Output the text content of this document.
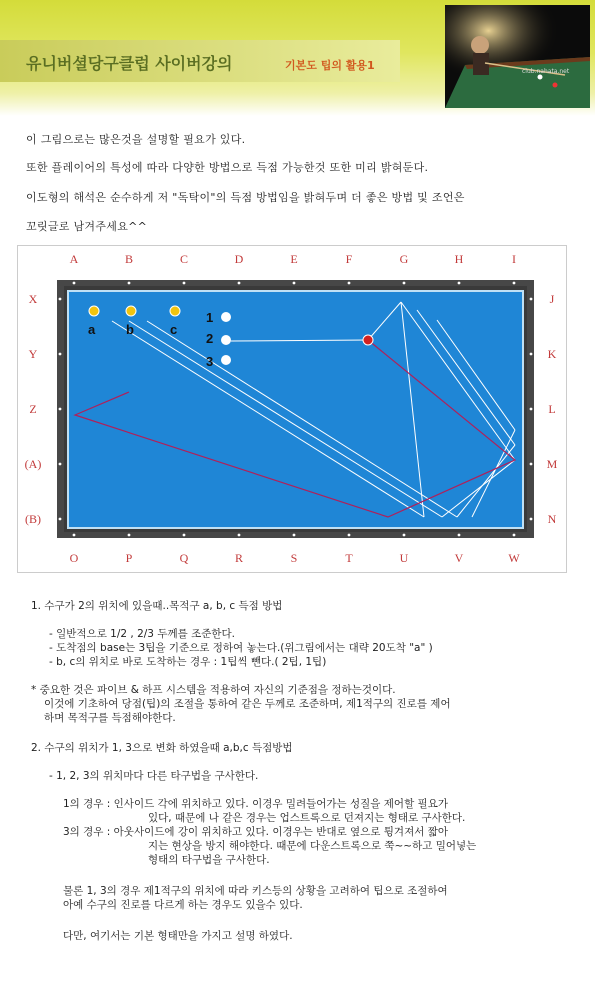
유니버셜당구클럽 사이버강의	기본도 팁의 활용1	club.nahata.net
이 그림으로는 많은것을 설명할 필요가 있다.
또한 플레이어의 특성에 따라 다양한 방법으로 득점 가능한것 또한 미리 밝혀둔다.
이도형의 해석은 순수하게 저 "독탁이"의 득점 방법임을 밝혀두며 더 좋은 방법 및 조언은
꼬릿글로 남겨주세요^^
A	B	C	D	E	F	G	H	I
O	P	Q	R	S	T	U	V	W
X
Y
Z
(A)
(B)
J
K
L
M
N
a b	c
1
2
3
1. 수구가 2의 위치에 있을때..목적구 a, b, c 득점 방법
- 일반적으로 1/2 , 2/3 두께를 조준한다.
- 도착점의 base는 3팁을 기준으로 정하여 놓는다.(위그림에서는 대략 20도착 "a" )
- b, c의 위치로 바로 도착하는 경우 : 1팁씩 뺀다.( 2팁, 1팁)
* 중요한 것은 파이브 & 하프 시스템을 적용하여 자신의 기준점을 정하는것이다.
이것에 기초하여 당점(팁)의 조절을 통하여 같은 두께로 조준하며, 제1적구의 진로를 제어
하며 목적구를 득점해야한다.
2. 수구의 위치가 1, 3으로 변화 하였을때 a,b,c 득점방법
- 1, 2, 3의 위치마다 다른 타구법을 구사한다.
1의 경우 : 인사이드 각에 위치하고 있다. 이경우 밀려들어가는 성질을 제어할 필요가
있다, 때문에 나 같은 경우는 업스트록으로 던져지는 형태로 구사한다.
3의 경우 : 아웃사이드에 강이 위치하고 있다. 이경우는 반대로 옆으로 튕겨져서 짧아
지는 현상을 방지 해야한다. 때문에 다운스트록으로 쭉~~하고 밀어넣는
형태의 타구법을 구사한다.
물론 1, 3의 경우 제1적구의 위치에 따라 키스등의 상황을 고려하여 팁으로 조절하여
아예 수구의 진로를 다르게 하는 경우도 있을수 있다.
다만, 여기서는 기본 형태만을 가지고 설명 하였다.
